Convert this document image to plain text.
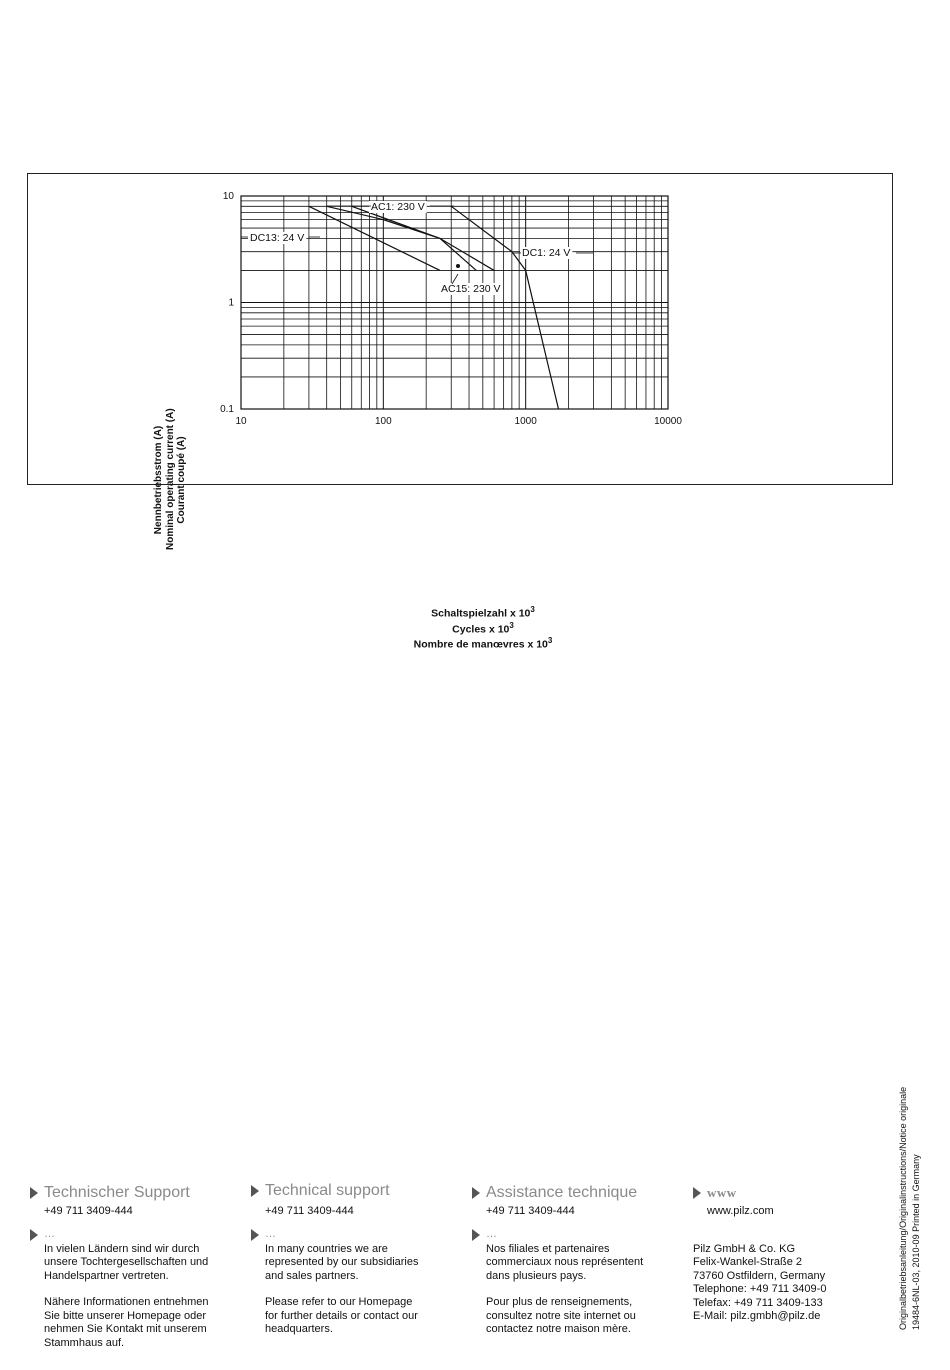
10	100	1000	10000
10
1
0.1
AC1: 230 V
DC13: 24 V
AC15: 230 V
DC1: 24 V
Nennbetriebsstrom (A) Nominal operating current (A) Courant coupé (A)
Schaltspielzahl x $10^3$
Cycles x $10^3$
Nombre de manœvres x $10^3$
Technischer Support
+49 711 3409-444
…

In vielen Ländern sind wir durch
unsere Tochtergesellschaften und
Handelspartner vertreten.

Nähere Informationen entnehmen
Sie bitte unserer Homepage oder
nehmen Sie Kontakt mit unserem
Stammhaus auf.

Technical support
+49 711 3409-444
…

In many countries we are
represented by our subsidiaries
and sales partners.

Please refer to our Homepage
for further details or contact our
headquarters.

Assistance technique
+49 711 3409-444
…

Nos filiales et partenaires
commerciaux nous représentent
dans plusieurs pays.

Pour plus de renseignements,
consultez notre site internet ou
contactez notre maison mère.

www
www.pilz.com
Pilz GmbH & Co. KG
Felix-Wankel-Straße 2
73760 Ostfildern, Germany
Telephone: +49 711 3409-0
Telefax: +49 711 3409-133
E-Mail: pilz.gmbh@pilz.de	Originalbetriebsanleitung/Originalinstructions/Notice originale 19484-6NL-03, 2010-09 Printed in Germany
